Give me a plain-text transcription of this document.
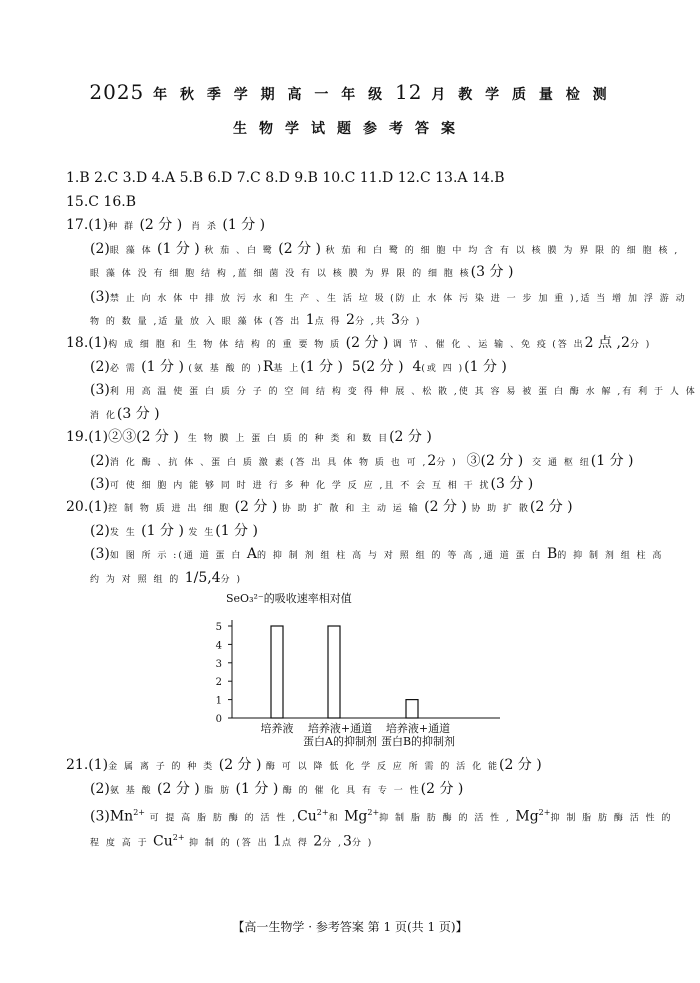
2025 年 秋 季 学 期 高 一 年 级 12 月 教 学 质 量 检 测
生物学试题参考答案
1.B 2.C 3.D 4.A 5.B 6.D 7.C 8.D 9.B 10.C 11.D 12.C 13.A 14.B
15.C 16.B
17.(1)种 群 (2 分 ) 肖 杀 (1 分 )
(2)眼 藻 体 (1 分 ) 秋 茄 、白 鹭 (2 分 ) 秋 茄 和 白 鹭 的 细 胞 中 均 含 有 以 核 膜 为 界 限 的 细 胞 核 ,
眼 藻 体 没 有 细 胞 结 构 ,蓝 细 菌 没 有 以 核 膜 为 界 限 的 细 胞 核(3 分 )
(3)禁 止 向 水 体 中 排 放 污 水 和 生 产 、生 活 垃 圾 (防 止 水 体 污 染 进 一 步 加 重 ),适 当 增 加 浮 游 动
物 的 数 量 ,适 量 放 入 眼 藻 体 (答 出 1点 得 2分 ,共 3分 )
18.(1)构 成 细 胞 和 生 物 体 结 构 的 重 要 物 质 (2 分 ) 调 节 、催 化 、运 输 、免 疫 (答 出2 点 ,2分 )
(2)必 需 (1 分 ) (氨 基 酸 的 )R基 上(1 分 ) 5(2 分 ) 4(或 四 )(1 分 )
(3)利 用 高 温 使 蛋 白 质 分 子 的 空 间 结 构 变 得 伸 展 、松 散 ,使 其 容 易 被 蛋 白 酶 水 解 ,有 利 于 人 体
消 化(3 分 )
19.(1)②③(2 分 ) 生 物 膜 上 蛋 白 质 的 种 类 和 数 目(2 分 )
(2)消 化 酶 、抗 体 、蛋 白 质 激 素 (答 出 具 体 物 质 也 可 ,2分 ) ③(2 分 ) 交 通 枢 纽(1 分 )
(3)可 使 细 胞 内 能 够 同 时 进 行 多 种 化 学 反 应 ,且 不 会 互 相 干 扰(3 分 )
20.(1)控 制 物 质 进 出 细 胞 (2 分 ) 协 助 扩 散 和 主 动 运 输 (2 分 ) 协 助 扩 散(2 分 )
(2)发 生 (1 分 ) 发 生(1 分 )
(3)如 图 所 示 :(通 道 蛋 白 A的 抑 制 剂 组 柱 高 与 对 照 组 的 等 高 ,通 道 蛋 白 B的 抑 制 剂 组 柱 高
约 为 对 照 组 的 1/5,4分 )
SeO₃²⁻的吸收速率相对值
0
1
2
3
4
5
培养液 培养液+通道
蛋白A的抑制剂
培养液+通道
蛋白B的抑制剂
21.(1)金 属 离 子 的 种 类 (2 分 ) 酶 可 以 降 低 化 学 反 应 所 需 的 活 化 能(2 分 )
(2)氨 基 酸 (2 分 ) 脂 肪 (1 分 ) 酶 的 催 化 具 有 专 一 性(2 分 )
$(3)Mn^{2+}$ 可 提 高 脂 肪 酶 的 活 性 $,Cu^{2+}$和 $Mg^{2+}$抑 制 脂 肪 酶 的 活 性 , $Mg^{2+}$抑 制 脂 肪 酶 活 性 的
程 度 高 于 $Cu^{2+}$ 抑 制 的 (答 出 1点 得 2分 ,3分 )
【高一生物学 · 参考答案 第 1 页(共 1 页)】
